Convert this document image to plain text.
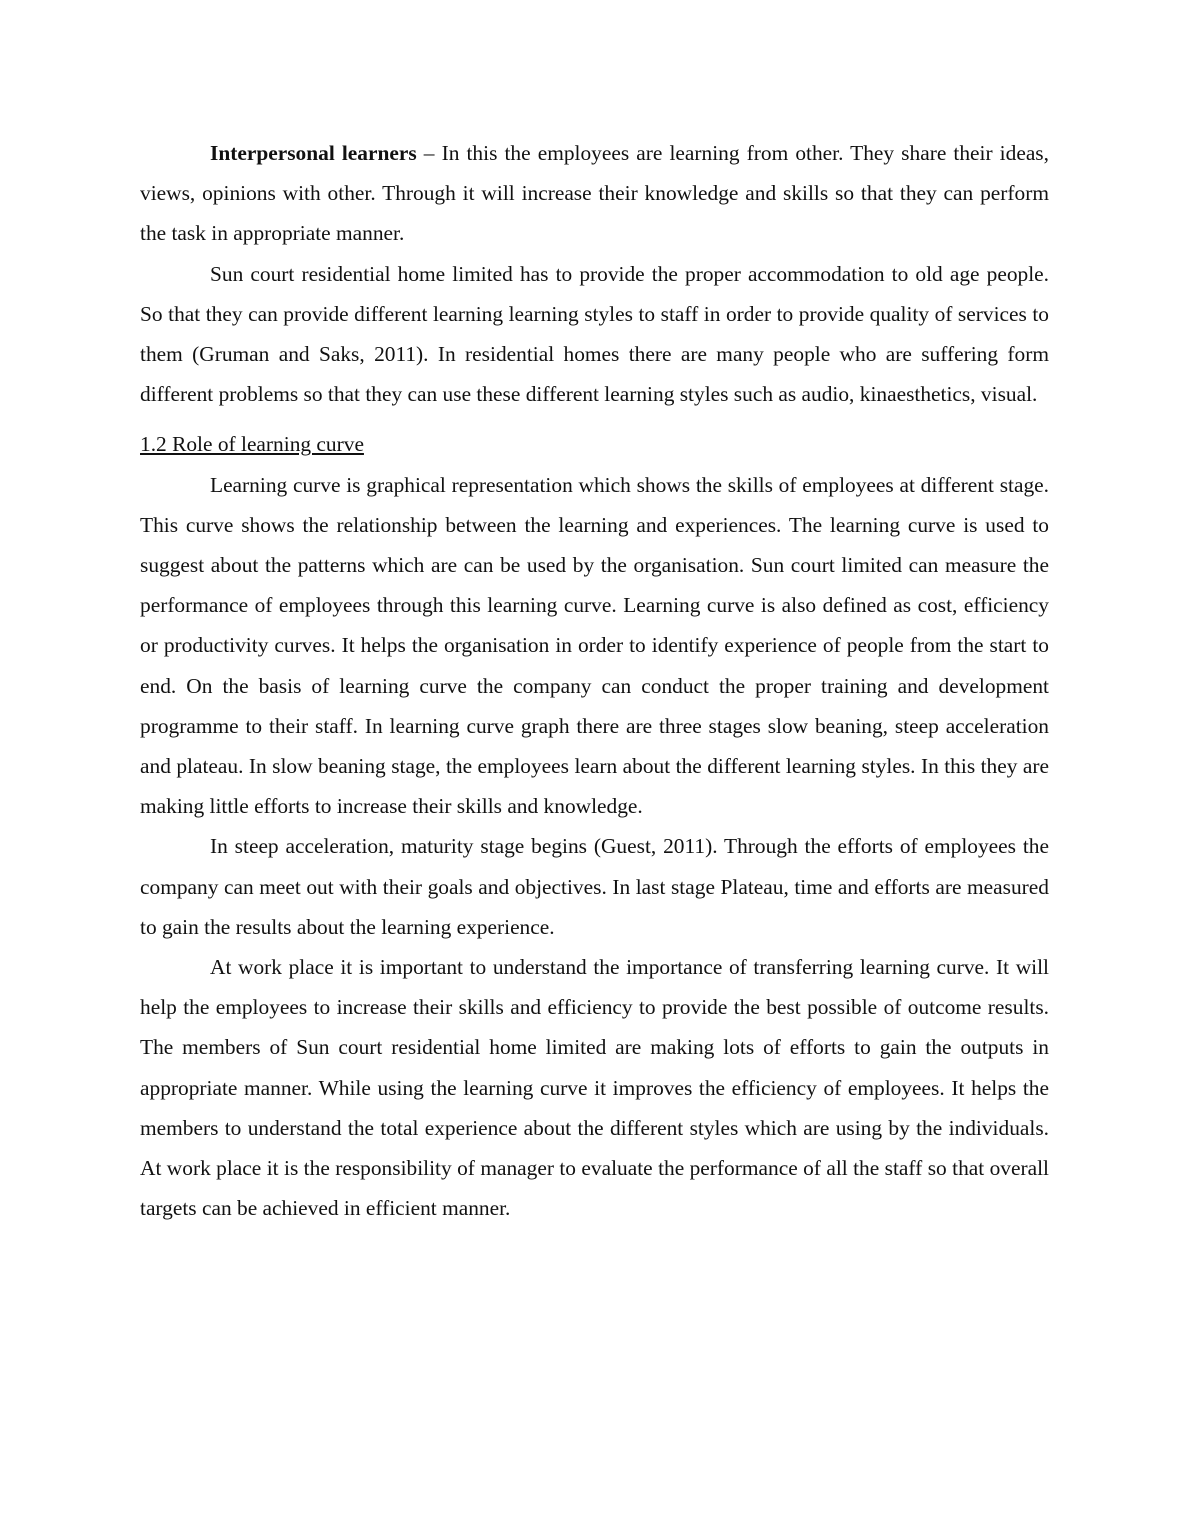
Interpersonal learners – In this the employees are learning from other. They share their ideas, views, opinions with other. Through it will increase their knowledge and skills so that they can perform the task in appropriate manner.

Sun court residential home limited has to provide the proper accommodation to old age people. So that they can provide different learning learning styles to staff in order to provide quality of services to them (Gruman and Saks, 2011). In residential homes there are many people who are suffering form different problems so that they can use these different learning styles such as audio, kinaesthetics, visual.

1.2 Role of learning curve

Learning curve is graphical representation which shows the skills of employees at different stage. This curve shows the relationship between the learning and experiences. The learning curve is used to suggest about the patterns which are can be used by the organisation. Sun court limited can measure the performance of employees through this learning curve. Learning curve is also defined as cost, efficiency or productivity curves. It helps the organisation in order to identify experience of people from the start to end. On the basis of learning curve the company can conduct the proper training and development programme to their staff. In learning curve graph there are three stages slow beaning, steep acceleration and plateau. In slow beaning stage, the employees learn about the different learning styles. In this they are making little efforts to increase their skills and knowledge.

In steep acceleration, maturity stage begins (Guest, 2011). Through the efforts of employees the company can meet out with their goals and objectives. In last stage Plateau, time and efforts are measured to gain the results about the learning experience.

At work place it is important to understand the importance of transferring learning curve. It will help the employees to increase their skills and efficiency to provide the best possible of outcome results. The members of Sun court residential home limited are making lots of efforts to gain the outputs in appropriate manner. While using the learning curve it improves the efficiency of employees. It helps the members to understand the total experience about the different styles which are using by the individuals. At work place it is the responsibility of manager to evaluate the performance of all the staff so that overall targets can be achieved in efficient manner.
